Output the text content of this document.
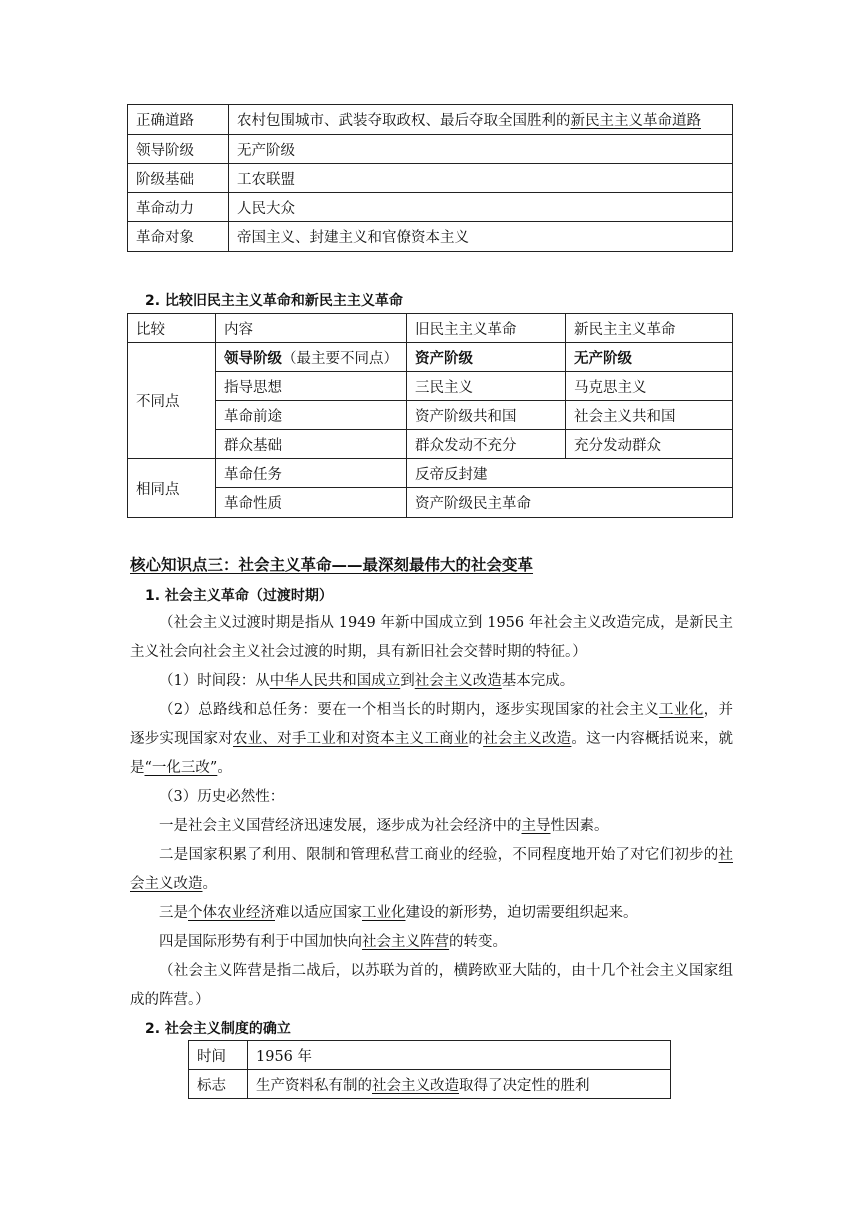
正确道路	农村包围城市、武装夺取政权、最后夺取全国胜利的新民主主义革命道路
领导阶级	无产阶级
阶级基础	工农联盟
革命动力	人民大众
革命对象	帝国主义、封建主义和官僚资本主义
2. 比较旧民主主义革命和新民主主义革命
比较	内容	旧民主主义革命	新民主主义革命
不同点	领导阶级（最主要不同点）	资产阶级	无产阶级
	指导思想	三民主义	马克思主义
	革命前途	资产阶级共和国	社会主义共和国
	群众基础	群众发动不充分	充分发动群众
相同点	革命任务	反帝反封建	
	革命性质	资产阶级民主革命	
核心知识点三：社会主义革命——最深刻最伟大的社会变革
1. 社会主义革命（过渡时期）

（社会主义过渡时期是指从 1949 年新中国成立到 1956 年社会主义改造完成，是新民主主义社会向社会主义社会过渡的时期，具有新旧社会交替时期的特征。）

（1）时间段：从中华人民共和国成立到社会主义改造基本完成。

（2）总路线和总任务：要在一个相当长的时期内，逐步实现国家的社会主义工业化，并逐步实现国家对农业、对手工业和对资本主义工商业的社会主义改造。这一内容概括说来，就是“一化三改”。

（3）历史必然性：

一是社会主义国营经济迅速发展，逐步成为社会经济中的主导性因素。

二是国家积累了利用、限制和管理私营工商业的经验，不同程度地开始了对它们初步的社会主义改造。

三是个体农业经济难以适应国家工业化建设的新形势，迫切需要组织起来。

四是国际形势有利于中国加快向社会主义阵营的转变。

（社会主义阵营是指二战后，以苏联为首的，横跨欧亚大陆的，由十几个社会主义国家组成的阵营。）

2. 社会主义制度的确立
时间	1956 年
标志	生产资料私有制的社会主义改造取得了决定性的胜利
